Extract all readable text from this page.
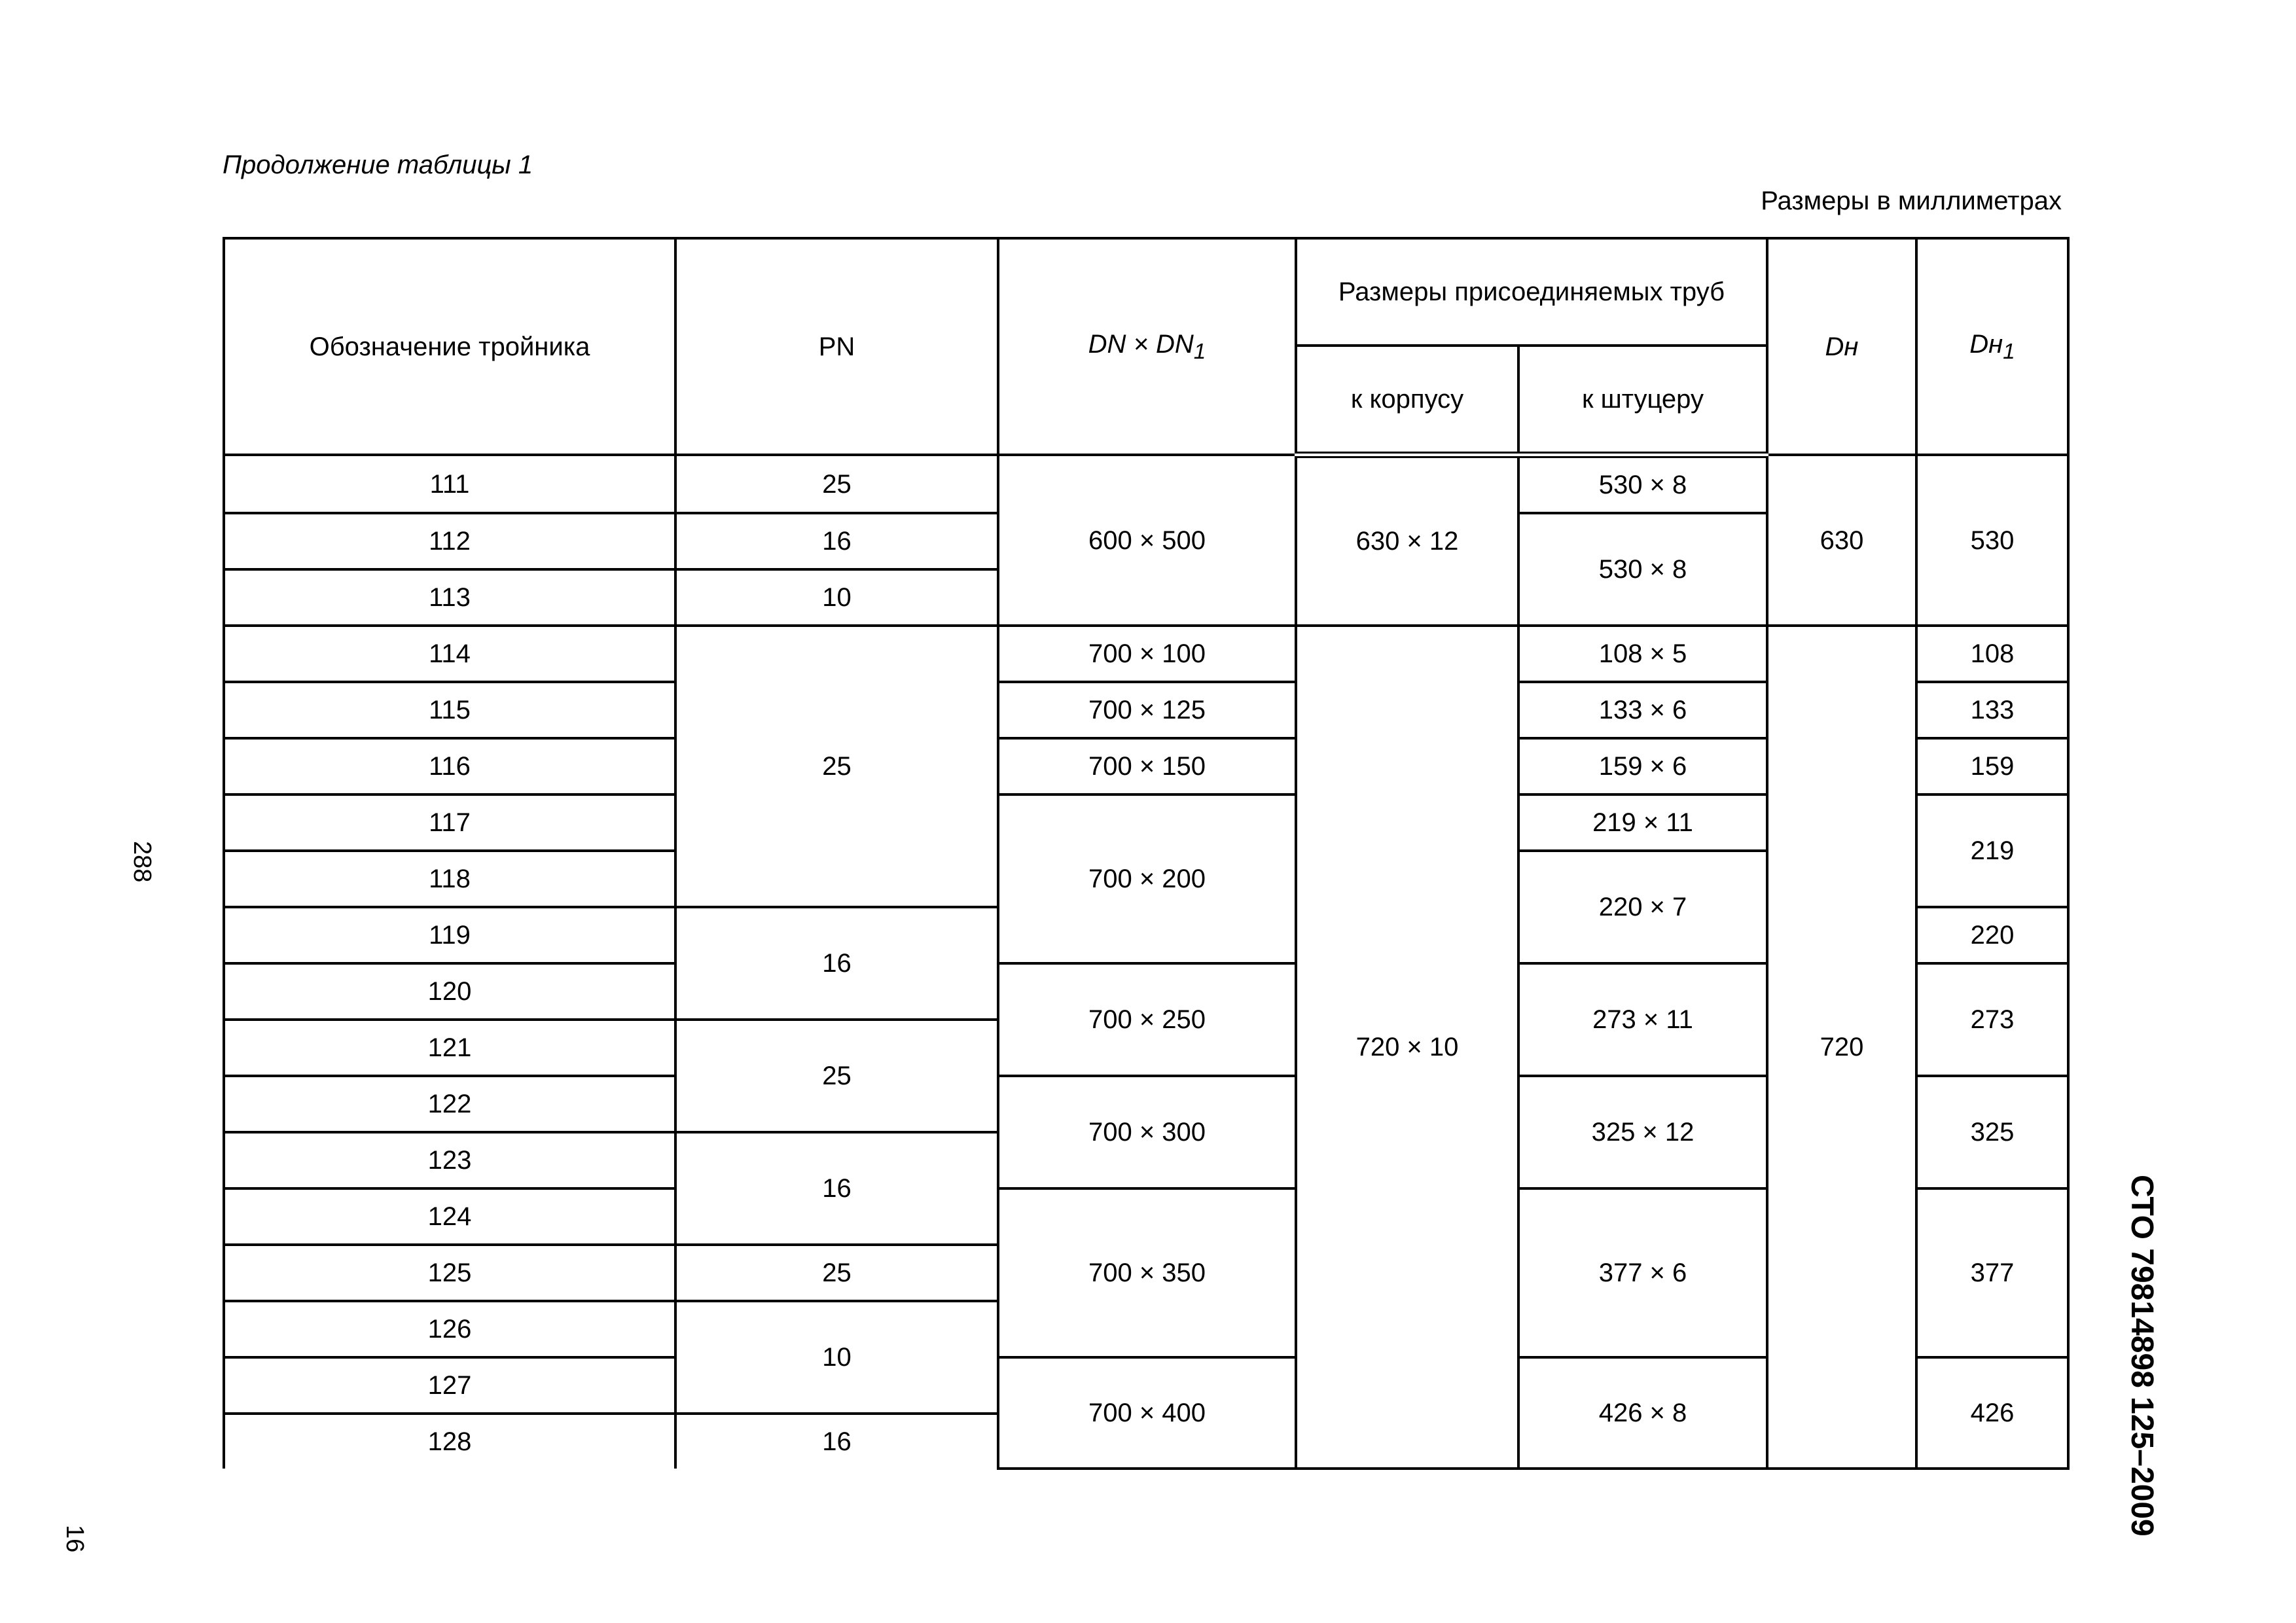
Продолжение таблицы 1
Размеры в миллиметрах
288
16
СТО 79814898 125–2009
Обозначение тройника	PN	DN × $DN_1$	Размеры присоединяемых труб		Dн	$Dн_1$
			к корпусу	к штуцеру		
111	25	600 × 500	630 × 12	530 × 8	630	530
112	16			530 × 8		
113	10					
114	25	700 × 100	720 × 10	108 × 5	720	108
115		700 × 125		133 × 6		133
116		700 × 150		159 × 6		159
117		700 × 200		219 × 11		219
118				220 × 7		
119	16					220
120		700 × 250		273 × 11		273
121	25					
122		700 × 300		325 × 12		325
123	16					
124		700 × 350		377 × 6		377
125	25					
126	10					
127		700 × 400		426 × 8		426
128	16					
